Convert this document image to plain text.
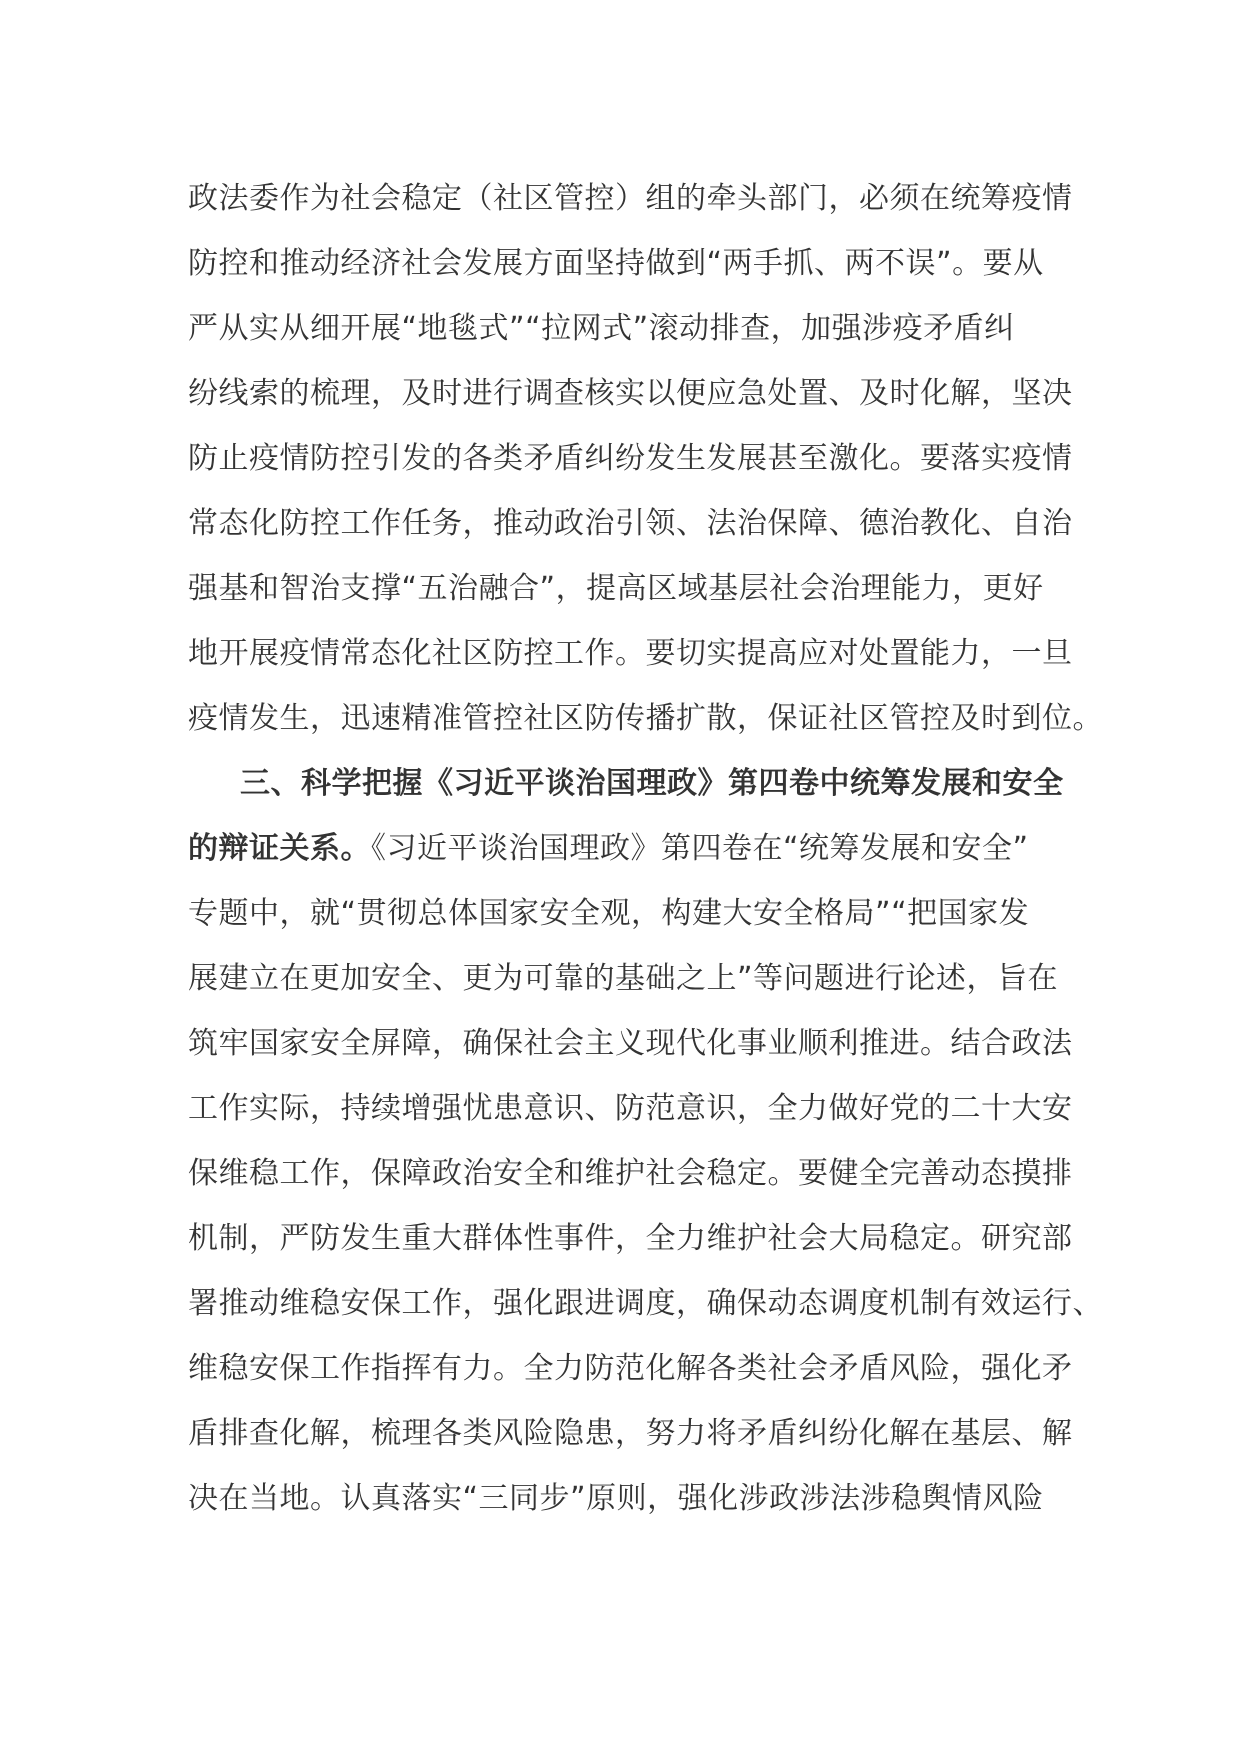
政法委作为社会稳定（社区管控）组的牵头部门，必须在统筹疫情
防控和推动经济社会发展方面坚持做到“两手抓、两不误”。要从
严从实从细开展“地毯式”“拉网式”滚动排查，加强涉疫矛盾纠
纷线索的梳理，及时进行调查核实以便应急处置、及时化解，坚决
防止疫情防控引发的各类矛盾纠纷发生发展甚至激化。要落实疫情
常态化防控工作任务，推动政治引领、法治保障、德治教化、自治
强基和智治支撑“五治融合”，提高区域基层社会治理能力，更好
地开展疫情常态化社区防控工作。要切实提高应对处置能力，一旦
疫情发生，迅速精准管控社区防传播扩散，保证社区管控及时到位。
三、科学把握《习近平谈治国理政》第四卷中统筹发展和安全
的辩证关系。《习近平谈治国理政》第四卷在“统筹发展和安全”
专题中，就“贯彻总体国家安全观，构建大安全格局”“把国家发
展建立在更加安全、更为可靠的基础之上”等问题进行论述，旨在
筑牢国家安全屏障，确保社会主义现代化事业顺利推进。结合政法
工作实际，持续增强忧患意识、防范意识，全力做好党的二十大安
保维稳工作，保障政治安全和维护社会稳定。要健全完善动态摸排
机制，严防发生重大群体性事件，全力维护社会大局稳定。研究部
署推动维稳安保工作，强化跟进调度，确保动态调度机制有效运行、
维稳安保工作指挥有力。全力防范化解各类社会矛盾风险，强化矛
盾排查化解，梳理各类风险隐患，努力将矛盾纠纷化解在基层、解
决在当地。认真落实“三同步”原则，强化涉政涉法涉稳舆情风险
